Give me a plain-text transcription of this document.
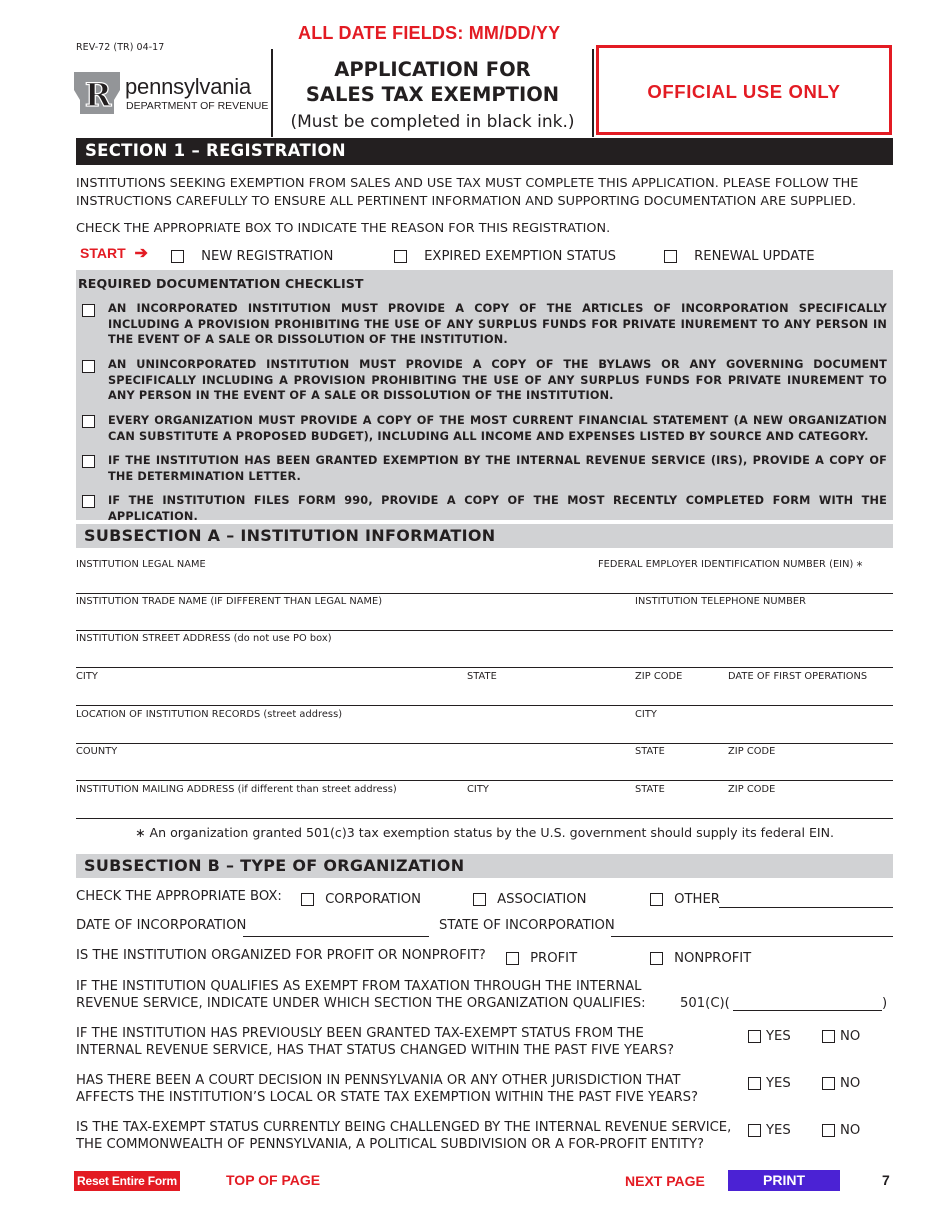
REV-72 (TR) 04-17
ALL DATE FIELDS: MM/DD/YY
R pennsylvania
DEPARTMENT OF REVENUE
APPLICATION FOR
SALES TAX EXEMPTION
(Must be completed in black ink.)
OFFICIAL USE ONLY
SECTION 1 – REGISTRATION
INSTITUTIONS SEEKING EXEMPTION FROM SALES AND USE TAX MUST COMPLETE THIS APPLICATION. PLEASE FOLLOW THE INSTRUCTIONS CAREFULLY TO ENSURE ALL PERTINENT INFORMATION AND SUPPORTING DOCUMENTATION ARE SUPPLIED.
CHECK THE APPROPRIATE BOX TO INDICATE THE REASON FOR THIS REGISTRATION.
START ➔	NEW REGISTRATION	EXPIRED EXEMPTION STATUS	RENEWAL UPDATE
REQUIRED DOCUMENTATION CHECKLIST
AN INCORPORATED INSTITUTION MUST PROVIDE A COPY OF THE ARTICLES OF INCORPORATION SPECIFICALLY INCLUDING A PROVISION PROHIBITING THE USE OF ANY SURPLUS FUNDS FOR PRIVATE INUREMENT TO ANY PERSON IN THE EVENT OF A SALE OR DISSOLUTION OF THE INSTITUTION.
AN UNINCORPORATED INSTITUTION MUST PROVIDE A COPY OF THE BYLAWS OR ANY GOVERNING DOCUMENT SPECIFICALLY INCLUDING A PROVISION PROHIBITING THE USE OF ANY SURPLUS FUNDS FOR PRIVATE INUREMENT TO ANY PERSON IN THE EVENT OF A SALE OR DISSOLUTION OF THE INSTITUTION.
EVERY ORGANIZATION MUST PROVIDE A COPY OF THE MOST CURRENT FINANCIAL STATEMENT (A NEW ORGANIZATION CAN SUBSTITUTE A PROPOSED BUDGET), INCLUDING ALL INCOME AND EXPENSES LISTED BY SOURCE AND CATEGORY.
IF THE INSTITUTION HAS BEEN GRANTED EXEMPTION BY THE INTERNAL REVENUE SERVICE (IRS), PROVIDE A COPY OF THE DETERMINATION LETTER.
IF THE INSTITUTION FILES FORM 990, PROVIDE A COPY OF THE MOST RECENTLY COMPLETED FORM WITH THE APPLICATION.
SUBSECTION A – INSTITUTION INFORMATION
INSTITUTION LEGAL NAME	FEDERAL EMPLOYER IDENTIFICATION NUMBER (EIN) *
INSTITUTION TRADE NAME (IF DIFFERENT THAN LEGAL NAME)	INSTITUTION TELEPHONE NUMBER
INSTITUTION STREET ADDRESS (do not use PO box)
CITY	STATE	ZIP CODE	DATE OF FIRST OPERATIONS
LOCATION OF INSTITUTION RECORDS (street address)	CITY
COUNTY	STATE	ZIP CODE
INSTITUTION MAILING ADDRESS (if different than street address)	CITY	STATE	ZIP CODE
∗ An organization granted 501(c)3 tax exemption status by the U.S. government should supply its federal EIN.
SUBSECTION B – TYPE OF ORGANIZATION
CHECK THE APPROPRIATE BOX:	CORPORATION	ASSOCIATION	OTHER
DATE OF INCORPORATION	STATE OF INCORPORATION
IS THE INSTITUTION ORGANIZED FOR PROFIT OR NONPROFIT?	PROFIT	NONPROFIT
IF THE INSTITUTION QUALIFIES AS EXEMPT FROM TAXATION THROUGH THE INTERNAL
REVENUE SERVICE, INDICATE UNDER WHICH SECTION THE ORGANIZATION QUALIFIES:	501(C)(	)
IF THE INSTITUTION HAS PREVIOUSLY BEEN GRANTED TAX-EXEMPT STATUS FROM THE
INTERNAL REVENUE SERVICE, HAS THAT STATUS CHANGED WITHIN THE PAST FIVE YEARS?
YES	NO
HAS THERE BEEN A COURT DECISION IN PENNSYLVANIA OR ANY OTHER JURISDICTION THAT
AFFECTS THE INSTITUTION’S LOCAL OR STATE TAX EXEMPTION WITHIN THE PAST FIVE YEARS?
YES	NO
IS THE TAX-EXEMPT STATUS CURRENTLY BEING CHALLENGED BY THE INTERNAL REVENUE SERVICE,
THE COMMONWEALTH OF PENNSYLVANIA, A POLITICAL SUBDIVISION OR A FOR-PROFIT ENTITY?
YES	NO
Reset Entire Form	TOP OF PAGE	NEXT PAGE	PRINT	7
